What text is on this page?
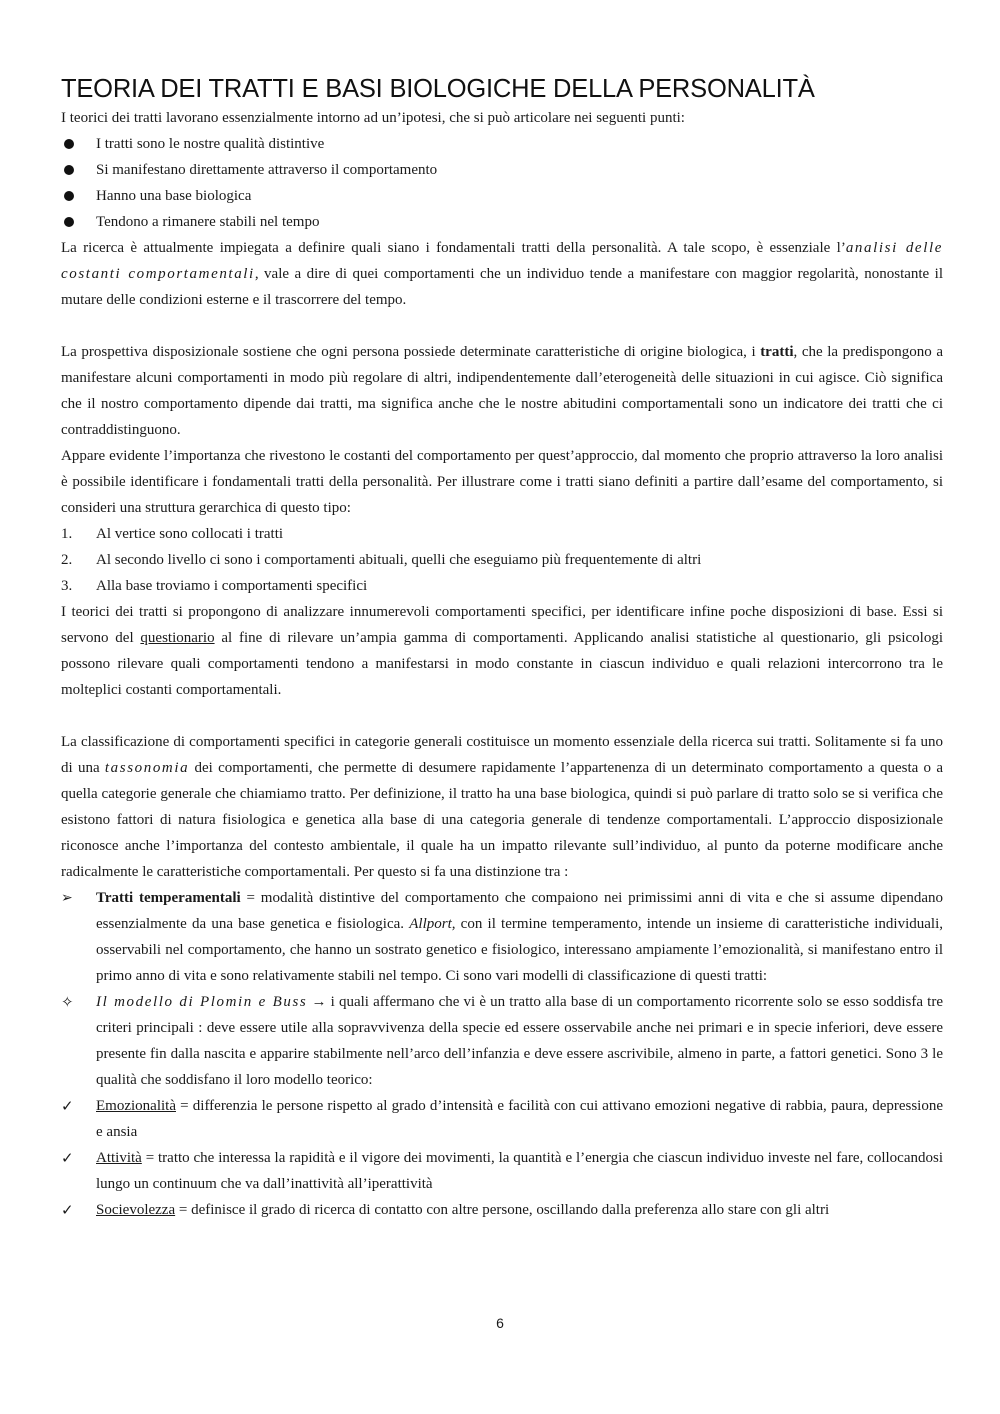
TEORIA DEI TRATTI E BASI BIOLOGICHE DELLA PERSONALITÀ

I teorici dei tratti lavorano essenzialmente intorno ad un’ipotesi, che si può articolare nei seguenti punti:

I tratti sono le nostre qualità distintive
Si manifestano direttamente attraverso il comportamento
Hanno una base biologica
Tendono a rimanere stabili nel tempo

La ricerca è attualmente impiegata a definire quali siano i fondamentali tratti della personalità. A tale scopo, è essenziale l’analisi delle costanti comportamentali, vale a dire di quei comportamenti che un individuo tende a manifestare con maggior regolarità, nonostante il mutare delle condizioni esterne e il trascorrere del tempo.

La prospettiva disposizionale sostiene che ogni persona possiede determinate caratteristiche di origine biologica, i tratti, che la predispongono a manifestare alcuni comportamenti in modo più regolare di altri, indipendentemente dall’eterogeneità delle situazioni in cui agisce. Ciò significa che il nostro comportamento dipende dai tratti, ma significa anche che le nostre abitudini comportamentali sono un indicatore dei tratti che ci contraddistinguono.

Appare evidente l’importanza che rivestono le costanti del comportamento per quest’approccio, dal momento che proprio attraverso la loro analisi è possibile identificare i fondamentali tratti della personalità. Per illustrare come i tratti siano definiti a partire dall’esame del comportamento, si consideri una struttura gerarchica di questo tipo:

1.	Al vertice sono collocati i tratti
2.	Al secondo livello ci sono i comportamenti abituali, quelli che eseguiamo più frequentemente di altri
3.	Alla base troviamo i comportamenti specifici

I teorici dei tratti si propongono di analizzare innumerevoli comportamenti specifici, per identificare infine poche disposizioni di base. Essi si servono del questionario al fine di rilevare un’ampia gamma di comportamenti. Applicando analisi statistiche al questionario, gli psicologi possono rilevare quali comportamenti tendono a manifestarsi in modo constante in ciascun individuo e quali relazioni intercorrono tra le molteplici costanti comportamentali.

La classificazione di comportamenti specifici in categorie generali costituisce un momento essenziale della ricerca sui tratti. Solitamente si fa uno di una tassonomia dei comportamenti, che permette di desumere rapidamente l’appartenenza di un determinato comportamento a questa o a quella categorie generale che chiamiamo tratto. Per definizione, il tratto ha una base biologica, quindi si può parlare di tratto solo se si verifica che esistono fattori di natura fisiologica e genetica alla base di una categoria generale di tendenze comportamentali. L’approccio disposizionale riconosce anche l’importanza del contesto ambientale, il quale ha un impatto rilevante sull’individuo, al punto da poterne modificare anche radicalmente le caratteristiche comportamentali. Per questo si fa una distinzione tra :

➢	Tratti temperamentali = modalità distintive del comportamento che compaiono nei primissimi anni di vita e che si assume dipendano essenzialmente da una base genetica e fisiologica. Allport, con il termine temperamento, intende un insieme di caratteristiche individuali, osservabili nel comportamento, che hanno un sostrato genetico e fisiologico, interessano ampiamente l’emozionalità, si manifestano entro il primo anno di vita e sono relativamente stabili nel tempo. Ci sono vari modelli di classificazione di questi tratti:
✧	Il modello di Plomin e Buss → i quali affermano che vi è un tratto alla base di un comportamento ricorrente solo se esso soddisfa tre criteri principali : deve essere utile alla sopravvivenza della specie ed essere osservabile anche nei primari e in specie inferiori, deve essere presente fin dalla nascita e apparire stabilmente nell’arco dell’infanzia e deve essere ascrivibile, almeno in parte, a fattori genetici. Sono 3 le qualità che soddisfano il loro modello teorico:
✓	Emozionalità = differenzia le persone rispetto al grado d’intensità e facilità con cui attivano emozioni negative di rabbia, paura, depressione e ansia
✓	Attività = tratto che interessa la rapidità e il vigore dei movimenti, la quantità e l’energia che ciascun individuo investe nel fare, collocandosi lungo un continuum che va dall’inattività all’iperattività
✓	Socievolezza = definisce il grado di ricerca di contatto con altre persone, oscillando dalla preferenza allo stare con gli altri
6
